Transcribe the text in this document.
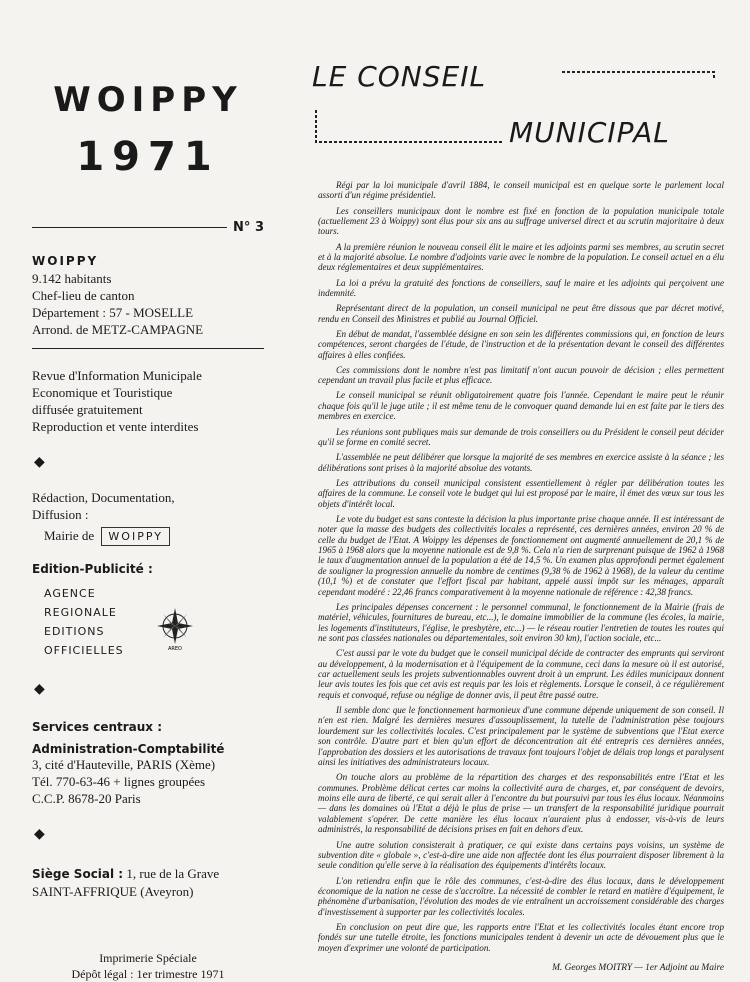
WOIPPY
1971
N° 3
WOIPPY
9.142 habitants
Chef-lieu de canton
Département : 57 - MOSELLE
Arrond. de METZ-CAMPAGNE
Revue d'Information Municipale
Economique et Touristique
diffusée gratuitement
Reproduction et vente interdites
◆
Rédaction, Documentation,
Diffusion :
Mairie de WOIPPY
Edition-Publicité :
AGENCE
REGIONALE
EDITIONS
OFFICIELLES	AREO
◆
Services centraux :
Administration-Comptabilité
3, cité d'Hauteville, PARIS (Xème)
Tél. 770-63-46 + lignes groupées
C.C.P. 8678-20 Paris
◆
Siège Social : 1, rue de la Grave
SAINT-AFFRIQUE (Aveyron)
Imprimerie Spéciale
Dépôt légal : 1er trimestre 1971
LE CONSEIL
MUNICIPAL

Régi par la loi municipale d'avril 1884, le conseil municipal est en quelque sorte le parlement local assorti d'un régime présidentiel.

Les conseillers municipaux dont le nombre est fixé en fonction de la population municipale totale (actuellement 23 à Woippy) sont élus pour six ans au suffrage universel direct et au scrutin majoritaire à deux tours.

A la première réunion le nouveau conseil élit le maire et les adjoints parmi ses membres, au scrutin secret et à la majorité absolue. Le nombre d'adjoints varie avec le nombre de la population. Le conseil actuel en a élu deux réglementaires et deux supplémentaires.

La loi a prévu la gratuité des fonctions de conseillers, sauf le maire et les adjoints qui perçoivent une indemnité.

Représentant direct de la population, un conseil municipal ne peut être dissous que par décret motivé, rendu en Conseil des Ministres et publié au Journal Officiel.

En début de mandat, l'assemblée désigne en son sein les différentes commissions qui, en fonction de leurs compétences, seront chargées de l'étude, de l'instruction et de la présentation devant le conseil des différentes affaires à elles confiées.

Ces commissions dont le nombre n'est pas limitatif n'ont aucun pouvoir de décision ; elles permettent cependant un travail plus facile et plus efficace.

Le conseil municipal se réunit obligatoirement quatre fois l'année. Cependant le maire peut le réunir chaque fois qu'il le juge utile ; il est même tenu de le convoquer quand demande lui en est faite par le tiers des membres en exercice.

Les réunions sont publiques mais sur demande de trois conseillers ou du Président le conseil peut décider qu'il se forme en comité secret.

L'assemblée ne peut délibérer que lorsque la majorité de ses membres en exercice assiste à la séance ; les délibérations sont prises à la majorité absolue des votants.

Les attributions du conseil municipal consistent essentiellement à régler par délibération toutes les affaires de la commune. Le conseil vote le budget qui lui est proposé par le maire, il émet des vœux sur tous les objets d'intérêt local.

Le vote du budget est sans conteste la décision la plus importante prise chaque année. Il est intéressant de noter que la masse des budgets des collectivités locales a représenté, ces dernières années, environ 20 % de celle du budget de l'Etat. A Woippy les dépenses de fonctionnement ont augmenté annuellement de 20,1 % de 1965 à 1968 alors que la moyenne nationale est de 9,8 %. Cela n'a rien de surprenant puisque de 1962 à 1968 le taux d'augmentation annuel de la population a été de 14,5 %. Un examen plus approfondi permet également de souligner la progression annuelle du nombre de centimes (9,38 % de 1962 à 1968), de la valeur du centime (10,1 %) et de constater que l'effort fiscal par habitant, appelé aussi impôt sur les ménages, apparaît cependant modéré : 22,46 francs comparativement à la moyenne nationale de référence : 42,38 francs.

Les principales dépenses concernent : le personnel communal, le fonctionnement de la Mairie (frais de matériel, véhicules, fournitures de bureau, etc...), le domaine immobilier de la commune (les écoles, la mairie, les logements d'instituteurs, l'église, le presbytère, etc...) — le réseau routier l'entretien de toutes les routes qui ne sont pas classées nationales ou départementales, soit environ 30 km), l'action sociale, etc...

C'est aussi par le vote du budget que le conseil municipal décide de contracter des emprunts qui serviront au développement, à la modernisation et à l'équipement de la commune, ceci dans la mesure où il est autorisé, car actuellement seuls les projets subventionnables ouvrent droit à un emprunt. Les édiles municipaux donnent leur avis toutes les fois que cet avis est requis par les lois et règlements. Lorsque le conseil, à ce régulièrement requis et convoqué, refuse ou néglige de donner avis, il peut être passé outre.

Il semble donc que le fonctionnement harmonieux d'une commune dépende uniquement de son conseil. Il n'en est rien. Malgré les dernières mesures d'assouplissement, la tutelle de l'administration pèse toujours lourdement sur les collectivités locales. C'est principalement par le système de subventions que l'Etat exerce son contrôle. D'autre part et bien qu'un effort de déconcentration ait été entrepris ces dernières années, l'approbation des dossiers et les autorisations de travaux font toujours l'objet de délais trop longs et paralysent ainsi les initiatives des administrateurs locaux.

On touche alors au problème de la répartition des charges et des responsabilités entre l'Etat et les communes. Problème délicat certes car moins la collectivité aura de charges, et, par conséquent de devoirs, moins elle aura de liberté, ce qui serait aller à l'encontre du but poursuivi par tous les élus locaux. Néanmoins — dans les domaines où l'Etat a déjà le plus de prise — un transfert de la responsabilité juridique pourrait valablement s'opérer. De cette manière les élus locaux n'auraient plus à endosser, vis-à-vis de leurs administrés, la responsabilité de décisions prises en fait en dehors d'eux.

Une autre solution consisterait à pratiquer, ce qui existe dans certains pays voisins, un système de subvention dite « globale », c'est-à-dire une aide non affectée dont les élus pourraient disposer librement à la seule condition qu'elle serve à la réalisation des équipements d'intérêts locaux.

L'on retiendra enfin que le rôle des communes, c'est-à-dire des élus locaux, dans le développement économique de la nation ne cesse de s'accroître. La nécessité de combler le retard en matière d'équipement, le phénomène d'urbanisation, l'évolution des modes de vie entraînent un accroissement considérable des charges d'investissement à supporter par les collectivités locales.

En conclusion on peut dire que, les rapports entre l'Etat et les collectivités locales étant encore trop fondés sur une tutelle étroite, les fonctions municipales tendent à devenir un acte de dévouement plus que le moyen d'exprimer une volonté de participation.

M. Georges MOITRY — 1er Adjoint au Maire
